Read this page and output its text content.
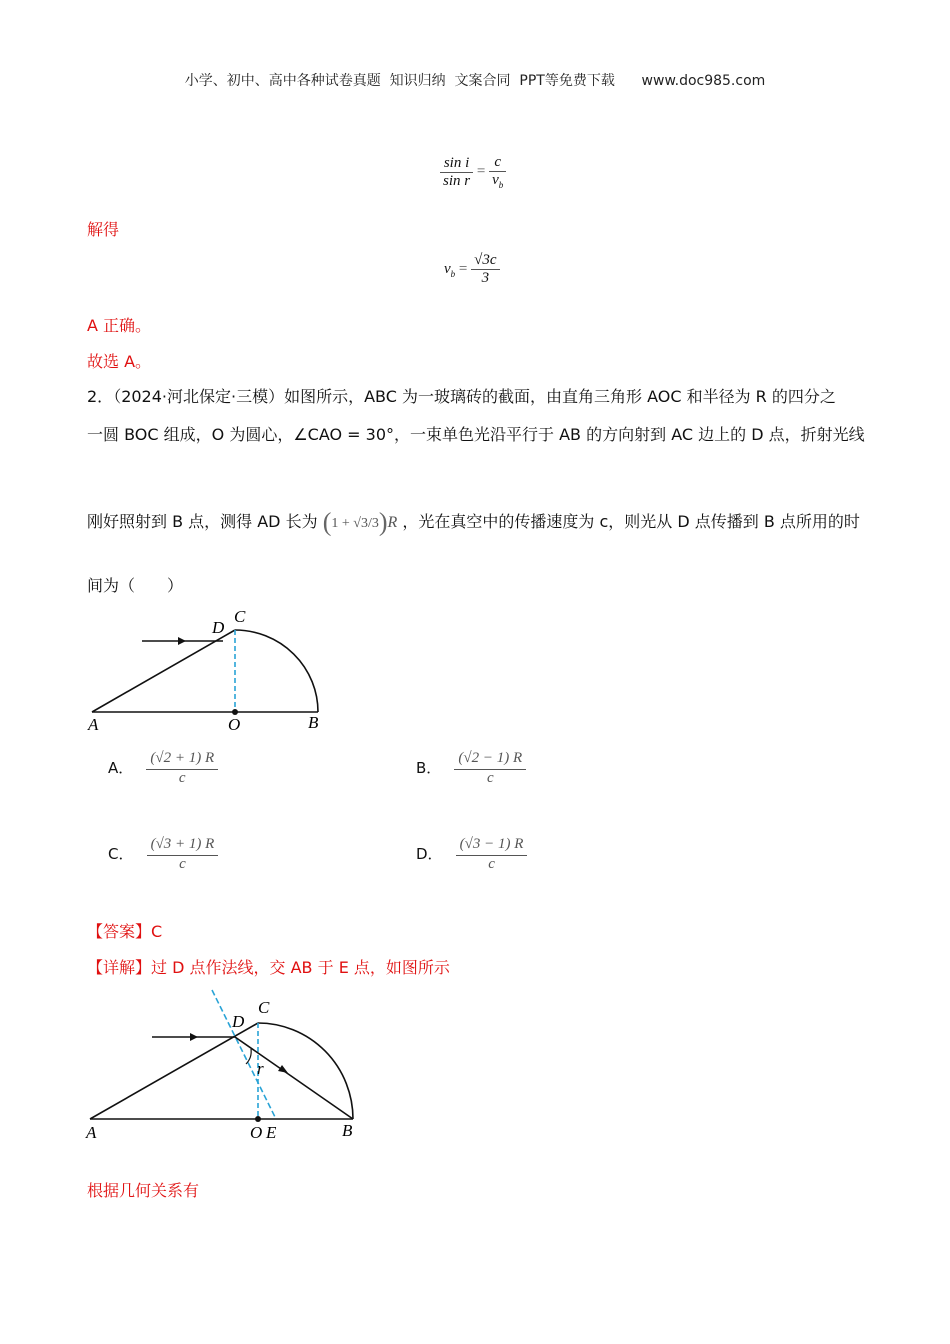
小学、初中、高中各种试卷真题  知识归纳  文案合同  PPT等免费下载 www.doc985.com
$\frac{\text{sin i}}{\text{sin r}} = \frac{c}{v_b}$
解得
$v_b = \frac{√3c}{3}$
A 正确。
故选 A。
2．（2024·河北保定·三模）如图所示，ABC 为一玻璃砖的截面，由直角三角形 AOC 和半径为 R 的四分之
一圆 BOC 组成，O 为圆心，∠CAO = 30°，一束单色光沿平行于 AB 的方向射到 AC 边上的 D 点，折射光线
刚好照射到 B 点，测得 AD 长为 (1 + √3/3)R ，光在真空中的传播速度为 c，则光从 D 点传播到 B 点所用的时
间为（　　）
D
C
A	O	B
A． $\frac{(√2 + 1) R}{c}$	B． $\frac{(√2 - 1) R}{c}$
C． $\frac{(√3 + 1) R}{c}$	D． $\frac{(√3 - 1) R}{c}$
【答案】C
【详解】过 D 点作法线，交 AB 于 E 点，如图所示
D
C
r
A	O E	B
根据几何关系有
